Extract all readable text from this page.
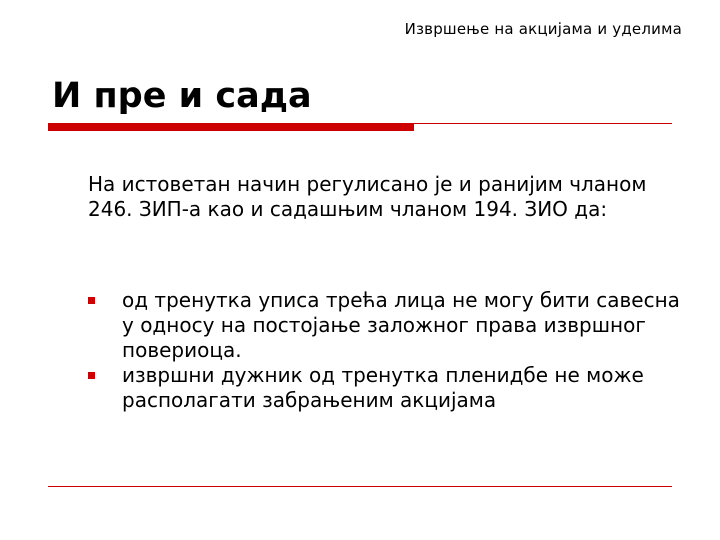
Извршење на акцијама и уделима
И пре и сада

На истоветан начин регулисано је и ранијим чланом 246. ЗИП-а као и садашњим чланом 194. ЗИО да:

од тренутка уписа трећа лица не могу бити савесна у односу на постојање заложног права извршног повериоца.
извршни дужник од тренутка пленидбе не може располагати забрањеним акцијама
